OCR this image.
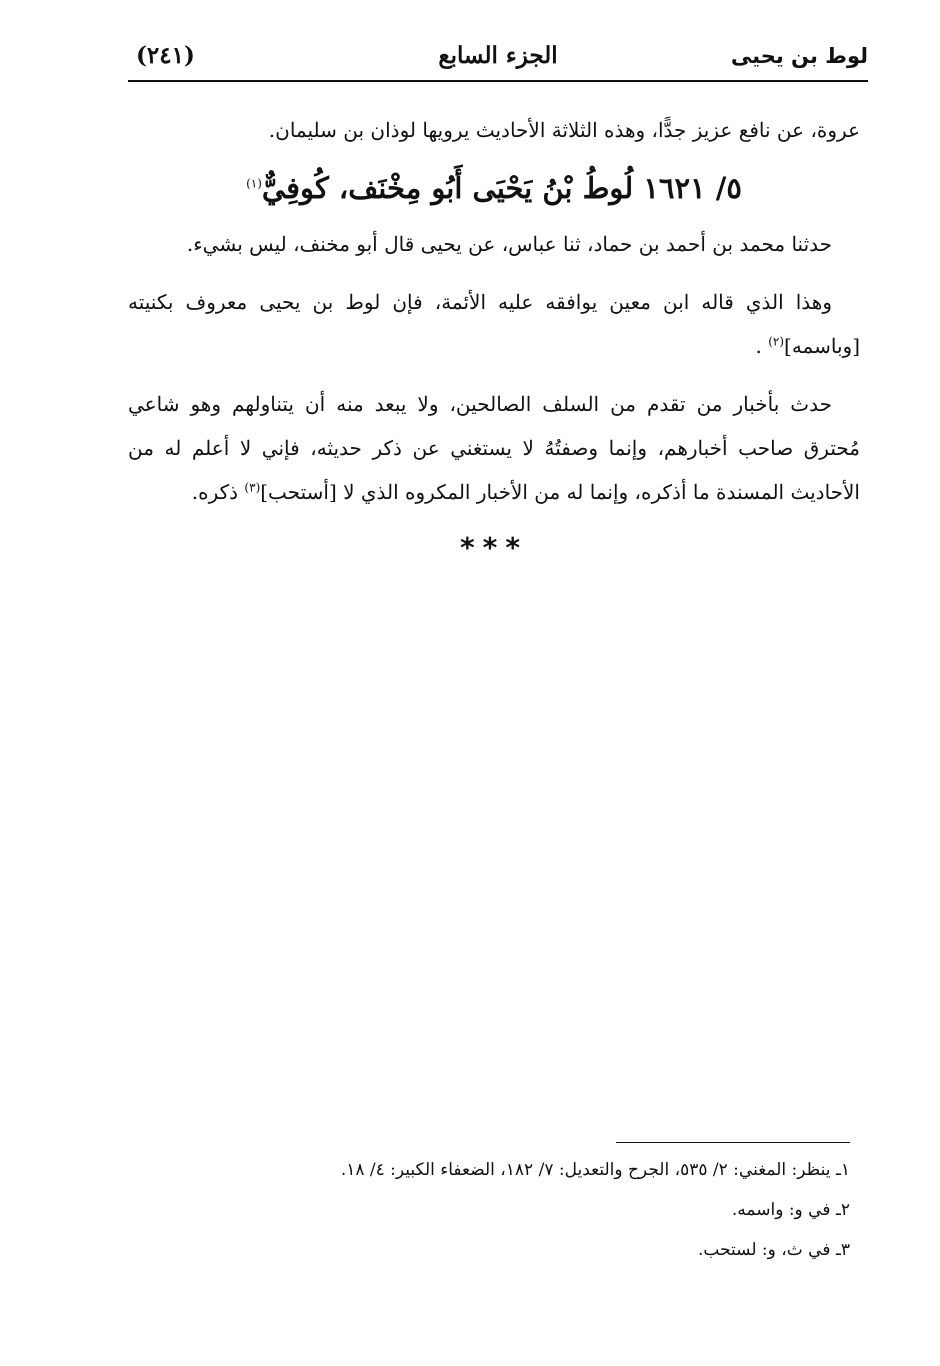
لوط بن يحيى
الجزء السابع
(٢٤١)

عروة، عن نافع عزيز جدًّا، وهذه الثلاثة الأحاديث يرويها لوذان بن سليمان.

٥/ ١٦٢١ لُوطُ بْنُ يَحْيَى أَبُو مِخْنَف، كُوفِيٌّ$^{(١)}$

حدثنا محمد بن أحمد بن حماد، ثنا عباس، عن يحيى قال أبو مخنف، ليس بشيء.

وهذا الذي قاله ابن معين يوافقه عليه الأئمة، فإن لوط بن يحيى معروف بكنيته [وباسمه]$^{(٢)}$ .

حدث بأخبار من تقدم من السلف الصالحين، ولا يبعد منه أن يتناولهم وهو شاعي مُحترق صاحب أخبارهم، وإنما وصفتُهُ لا يستغني عن ذكر حديثه، فإني لا أعلم له من الأحاديث المسندة ما أذكره، وإنما له من الأخبار المكروه الذي لا [أستحب]$^{(٣)}$ ذكره.

***

١ـ ينظر: المغني: ٢/ ٥٣٥، الجرح والتعديل: ٧/ ١٨٢، الضعفاء الكبير: ٤/ ١٨.

٢ـ في و: واسمه.

٣ـ في ث، و: لستحب.
